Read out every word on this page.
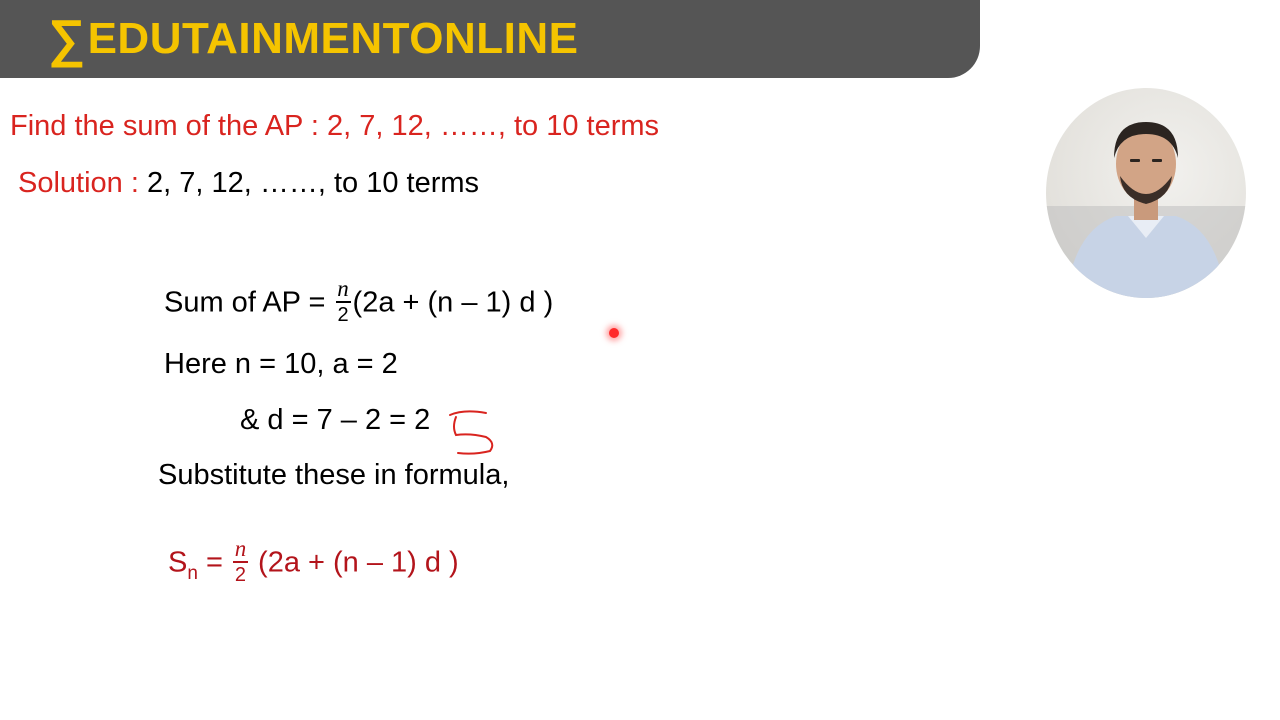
∑ EDUTAINMENTONLINE
Find the sum of the AP : 2, 7, 12, ……, to 10 terms
Solution : 2, 7, 12, ……, to 10 terms
Sum of AP = $\frac{n}{2} (2a + (n - 1)$ d )
Here n = 10, a = 2
& d = 7 – 2 = 2
Substitute these in formula,
$S_n = \frac{n}{2} (2a + (n - 1)$ d )
